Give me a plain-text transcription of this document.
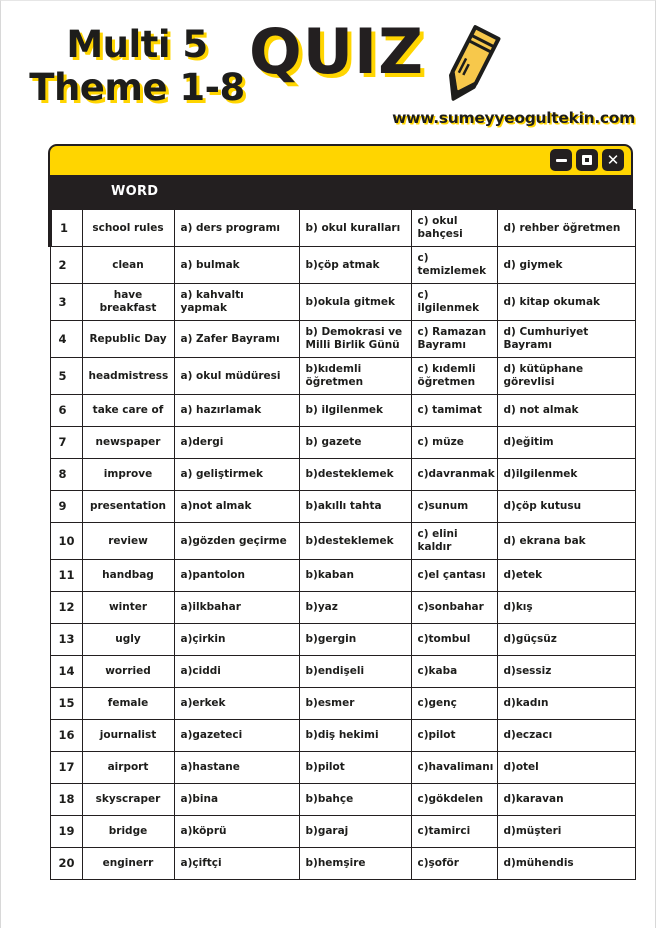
Multi 5
Theme 1-8 QUIZ
www.sumeyyeogultekin.com
✕
WORD
1	school rules	a) ders programı	b) okul kuralları	c) okul bahçesi	d) rehber öğretmen
2	clean	a) bulmak	b)çöp atmak	c) temizlemek	d) giymek
3	have breakfast	a) kahvaltı yapmak	b)okula gitmek	c) ilgilenmek	d) kitap okumak
4	Republic Day	a) Zafer Bayramı	b) Demokrasi ve Milli Birlik Günü	c) Ramazan Bayramı	d) Cumhuriyet Bayramı
5	headmistress	a) okul müdüresi	b)kıdemli öğretmen	c) kıdemli öğretmen	d) kütüphane görevlisi
6	take care of	a) hazırlamak	b) ilgilenmek	c) tamimat	d) not almak
7	newspaper	a)dergi	b) gazete	c) müze	d)eğitim
8	improve	a) geliştirmek	b)desteklemek	c)davranmak	d)ilgilenmek
9	presentation	a)not almak	b)akıllı tahta	c)sunum	d)çöp kutusu
10	review	a)gözden geçirme	b)desteklemek	c) elini kaldır	d) ekrana bak
11	handbag	a)pantolon	b)kaban	c)el çantası	d)etek
12	winter	a)ilkbahar	b)yaz	c)sonbahar	d)kış
13	ugly	a)çirkin	b)gergin	c)tombul	d)güçsüz
14	worried	a)ciddi	b)endişeli	c)kaba	d)sessiz
15	female	a)erkek	b)esmer	c)genç	d)kadın
16	journalist	a)gazeteci	b)diş hekimi	c)pilot	d)eczacı
17	airport	a)hastane	b)pilot	c)havalimanı	d)otel
18	skyscraper	a)bina	b)bahçe	c)gökdelen	d)karavan
19	bridge	a)köprü	b)garaj	c)tamirci	d)müşteri
20	enginerr	a)çiftçi	b)hemşire	c)şoför	d)mühendis
